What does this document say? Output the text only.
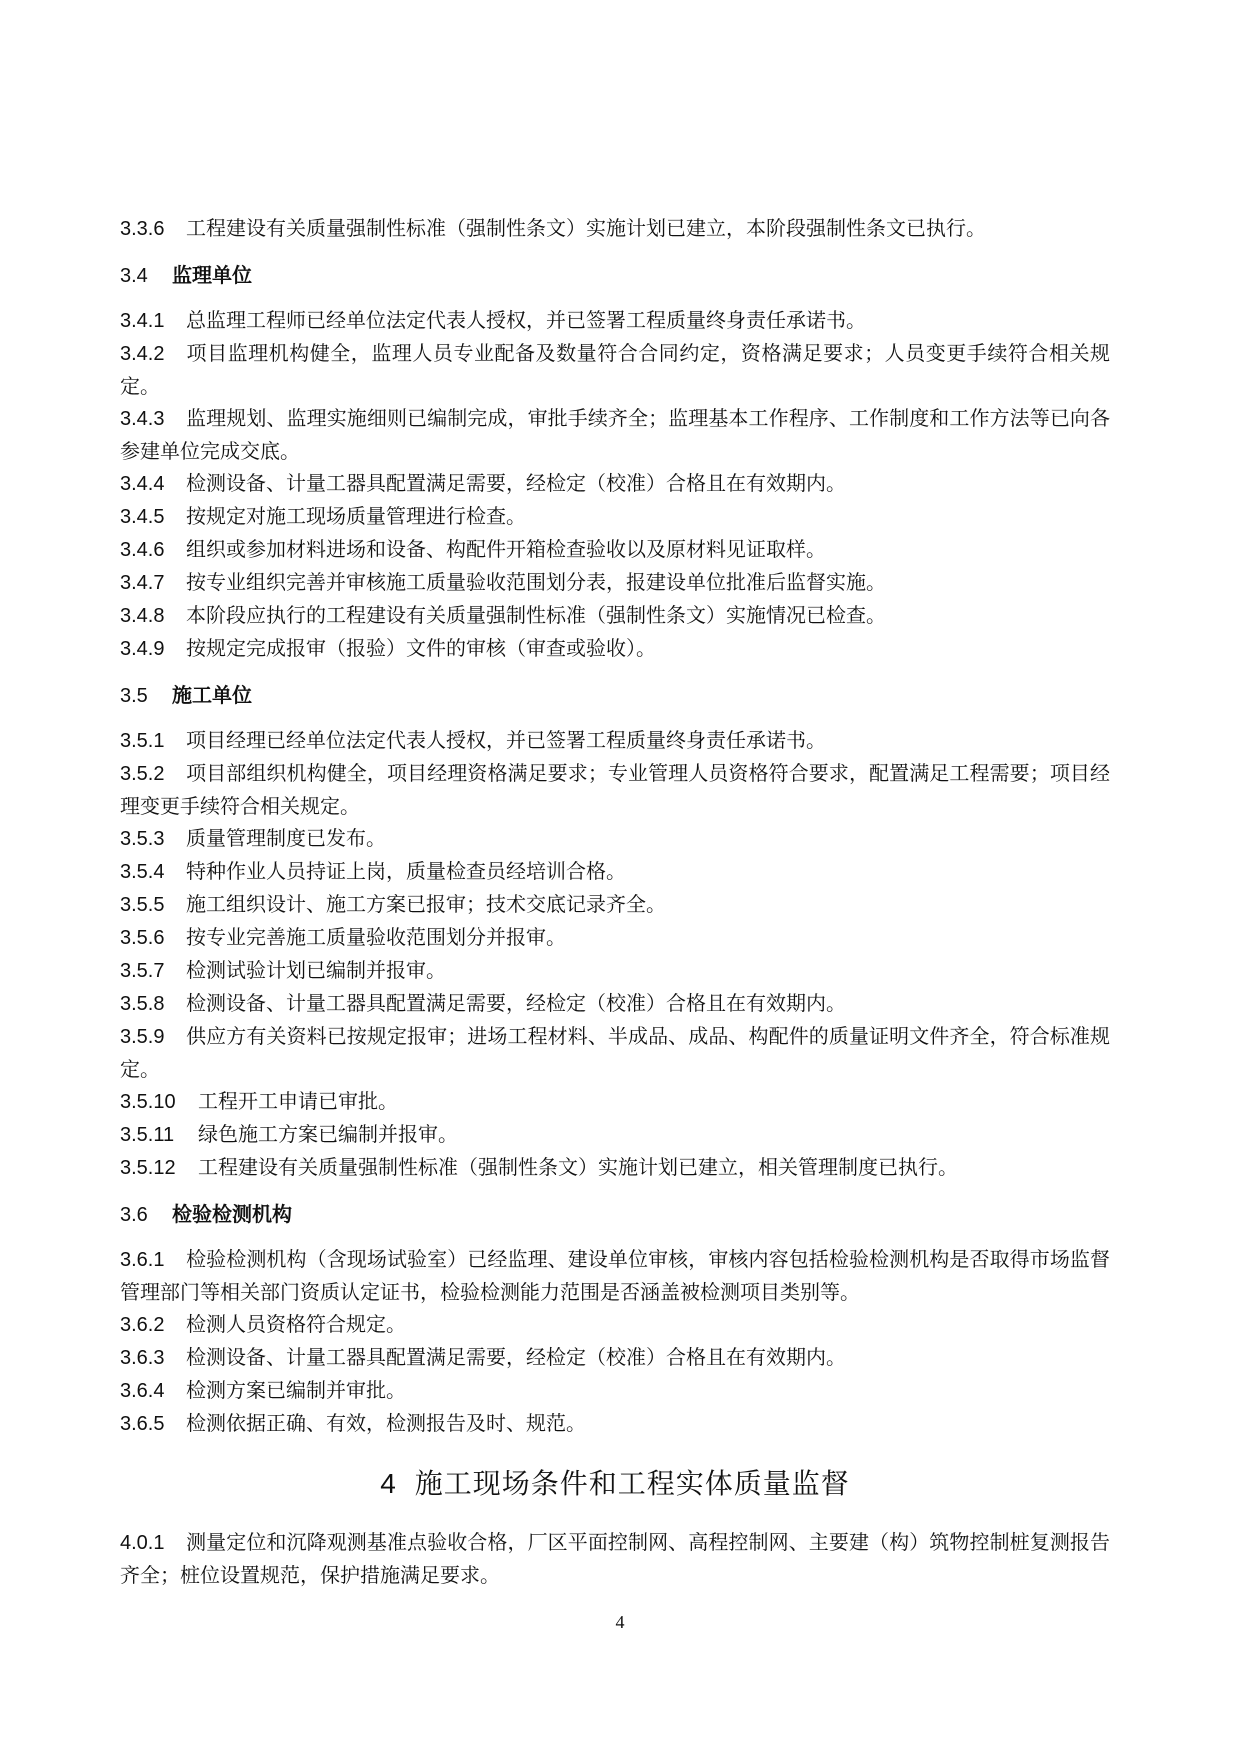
3.3.6 工程建设有关质量强制性标准（强制性条文）实施计划已建立，本阶段强制性条文已执行。

3.4 监理单位

3.4.1 总监理工程师已经单位法定代表人授权，并已签署工程质量终身责任承诺书。

3.4.2 项目监理机构健全，监理人员专业配备及数量符合合同约定，资格满足要求；人员变更手续符合相关规定。

3.4.3 监理规划、监理实施细则已编制完成，审批手续齐全；监理基本工作程序、工作制度和工作方法等已向各参建单位完成交底。

3.4.4 检测设备、计量工器具配置满足需要，经检定（校准）合格且在有效期内。

3.4.5 按规定对施工现场质量管理进行检查。

3.4.6 组织或参加材料进场和设备、构配件开箱检查验收以及原材料见证取样。

3.4.7 按专业组织完善并审核施工质量验收范围划分表，报建设单位批准后监督实施。

3.4.8 本阶段应执行的工程建设有关质量强制性标准（强制性条文）实施情况已检查。

3.4.9 按规定完成报审（报验）文件的审核（审查或验收）。

3.5 施工单位

3.5.1 项目经理已经单位法定代表人授权，并已签署工程质量终身责任承诺书。

3.5.2 项目部组织机构健全，项目经理资格满足要求；专业管理人员资格符合要求，配置满足工程需要；项目经理变更手续符合相关规定。

3.5.3 质量管理制度已发布。

3.5.4 特种作业人员持证上岗，质量检查员经培训合格。

3.5.5 施工组织设计、施工方案已报审；技术交底记录齐全。

3.5.6 按专业完善施工质量验收范围划分并报审。

3.5.7 检测试验计划已编制并报审。

3.5.8 检测设备、计量工器具配置满足需要，经检定（校准）合格且在有效期内。

3.5.9 供应方有关资料已按规定报审；进场工程材料、半成品、成品、构配件的质量证明文件齐全，符合标准规定。

3.5.10 工程开工申请已审批。

3.5.11 绿色施工方案已编制并报审。

3.5.12 工程建设有关质量强制性标准（强制性条文）实施计划已建立，相关管理制度已执行。

3.6 检验检测机构

3.6.1 检验检测机构（含现场试验室）已经监理、建设单位审核，审核内容包括检验检测机构是否取得市场监督管理部门等相关部门资质认定证书，检验检测能力范围是否涵盖被检测项目类别等。

3.6.2 检测人员资格符合规定。

3.6.3 检测设备、计量工器具配置满足需要，经检定（校准）合格且在有效期内。

3.6.4 检测方案已编制并审批。

3.6.5 检测依据正确、有效，检测报告及时、规范。

4 施工现场条件和工程实体质量监督

4.0.1 测量定位和沉降观测基准点验收合格，厂区平面控制网、高程控制网、主要建（构）筑物控制桩复测报告齐全；桩位设置规范，保护措施满足要求。

4
